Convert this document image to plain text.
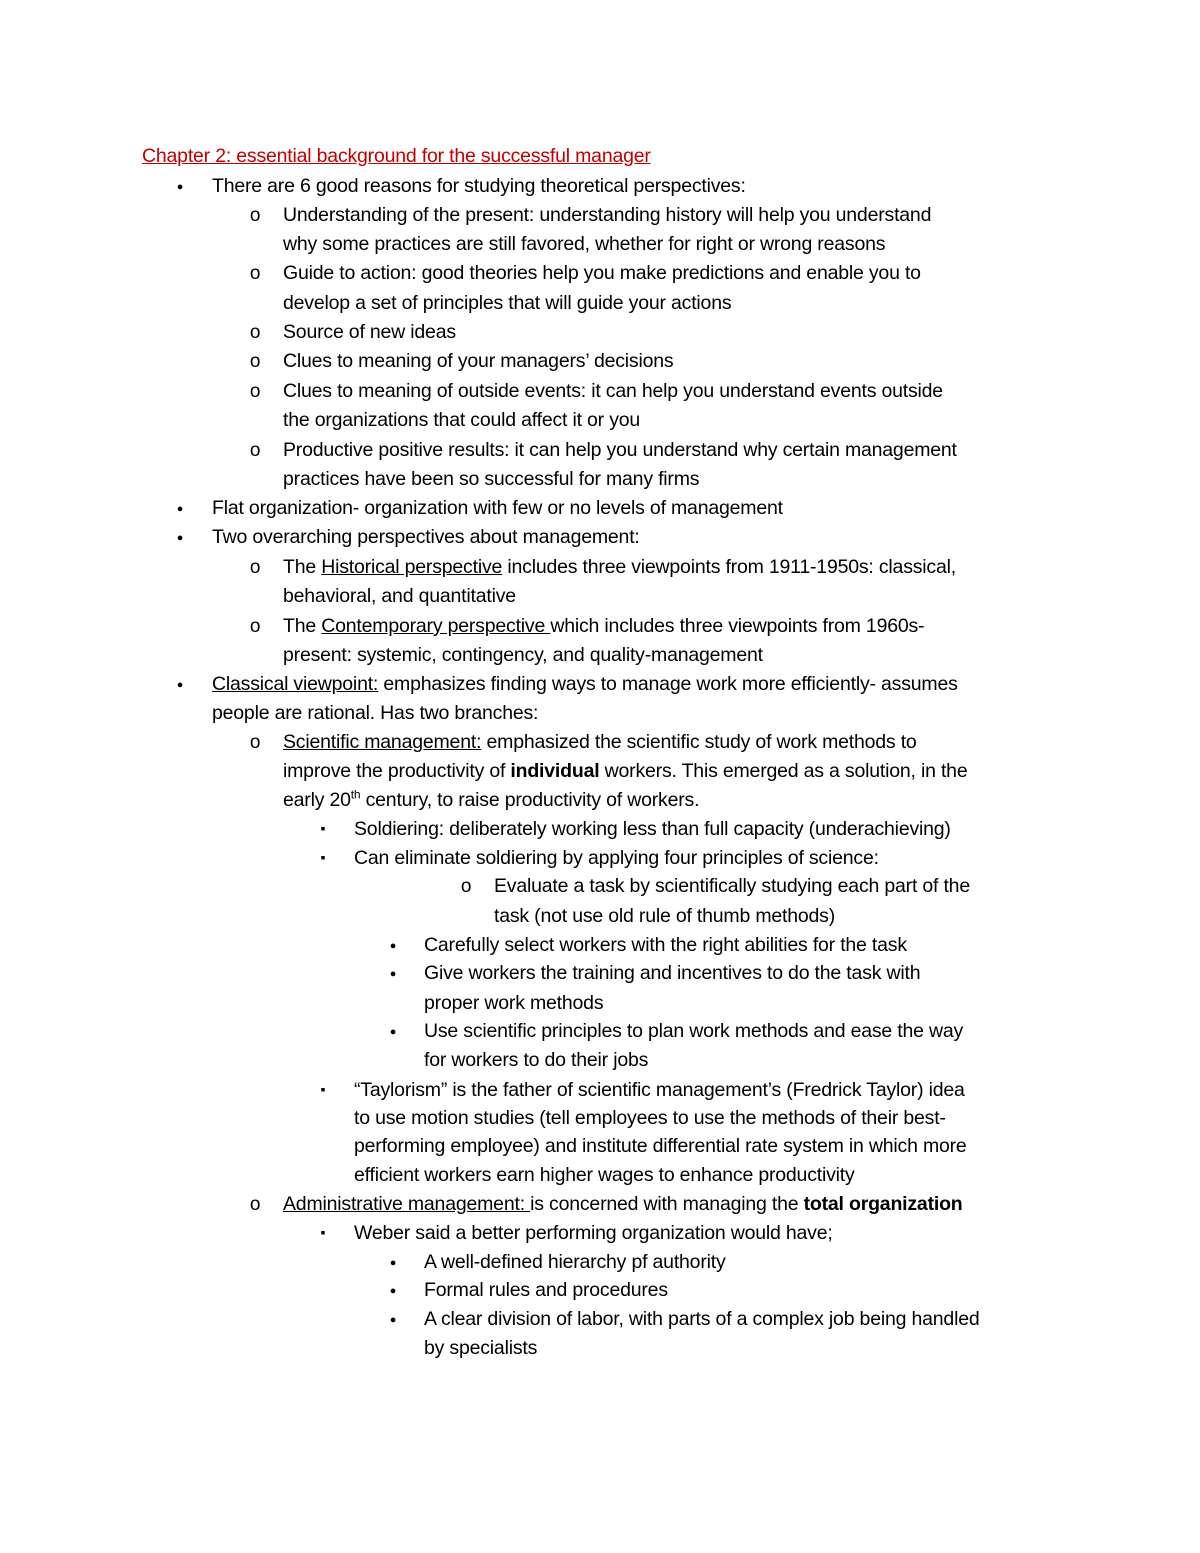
Chapter 2: essential background for the successful manager
●
There are 6 good reasons for studying theoretical perspectives:
o
Understanding of the present: understanding history will help you understand
why some practices are still favored, whether for right or wrong reasons
o
Guide to action: good theories help you make predictions and enable you to
develop a set of principles that will guide your actions
o
Source of new ideas
o
Clues to meaning of your managers’ decisions
o
Clues to meaning of outside events: it can help you understand events outside
the organizations that could affect it or you
o
Productive positive results: it can help you understand why certain management
practices have been so successful for many firms
●
Flat organization- organization with few or no levels of management
●
Two overarching perspectives about management:
o
The Historical perspective includes three viewpoints from 1911-1950s: classical,
behavioral, and quantitative
o
The Contemporary perspective which includes three viewpoints from 1960s-
present: systemic, contingency, and quality-management
●
Classical viewpoint: emphasizes finding ways to manage work more efficiently- assumes
people are rational. Has two branches:
o
Scientific management: emphasized the scientific study of work methods to
improve the productivity of individual workers. This emerged as a solution, in the
early 20th century, to raise productivity of workers.
▪
Soldiering: deliberately working less than full capacity (underachieving)
▪
Can eliminate soldiering by applying four principles of science:
o
Evaluate a task by scientifically studying each part of the
task (not use old rule of thumb methods)
●
Carefully select workers with the right abilities for the task
●
Give workers the training and incentives to do the task with
proper work methods
●
Use scientific principles to plan work methods and ease the way
for workers to do their jobs
▪
“Taylorism” is the father of scientific management’s (Fredrick Taylor) idea
to use motion studies (tell employees to use the methods of their best-
performing employee) and institute differential rate system in which more
efficient workers earn higher wages to enhance productivity
o
Administrative management: is concerned with managing the total organization
▪
Weber said a better performing organization would have;
●
A well-defined hierarchy pf authority
●
Formal rules and procedures
●
A clear division of labor, with parts of a complex job being handled
by specialists
